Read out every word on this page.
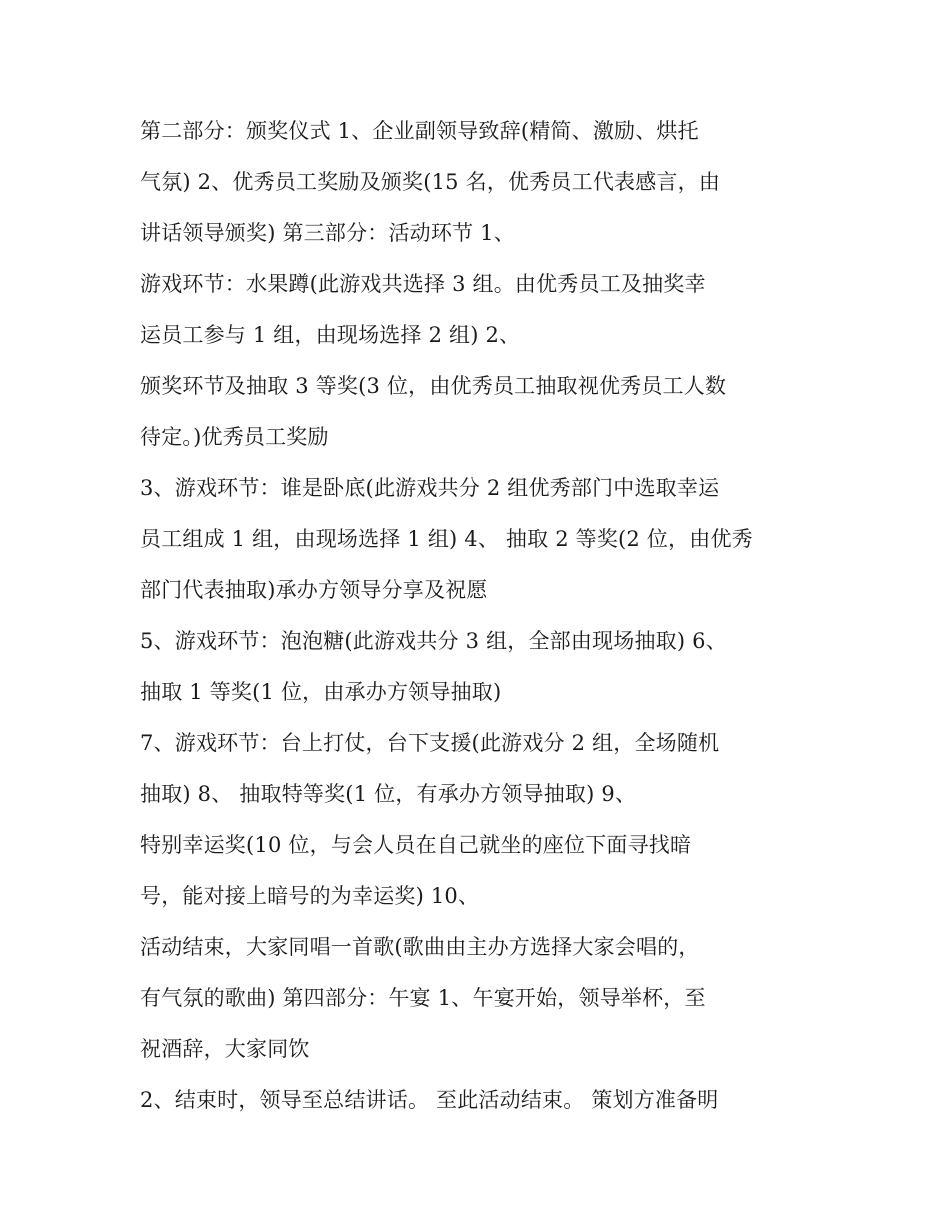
第二部分：颁奖仪式 1、企业副领导致辞(精简、激励、烘托
气氛) 2、优秀员工奖励及颁奖(15 名，优秀员工代表感言，由
讲话领导颁奖) 第三部分：活动环节 1、
游戏环节：水果蹲(此游戏共选择 3 组。由优秀员工及抽奖幸
运员工参与 1 组，由现场选择 2 组) 2、
颁奖环节及抽取 3 等奖(3 位，由优秀员工抽取视优秀员工人数
待定。)优秀员工奖励
3、游戏环节：谁是卧底(此游戏共分 2 组优秀部门中选取幸运
员工组成 1 组，由现场选择 1 组) 4、 抽取 2 等奖(2 位，由优秀
部门代表抽取)承办方领导分享及祝愿
5、游戏环节：泡泡糖(此游戏共分 3 组，全部由现场抽取) 6、
抽取 1 等奖(1 位，由承办方领导抽取)
7、游戏环节：台上打仗，台下支援(此游戏分 2 组，全场随机
抽取) 8、 抽取特等奖(1 位，有承办方领导抽取) 9、
特别幸运奖(10 位，与会人员在自己就坐的座位下面寻找暗
号，能对接上暗号的为幸运奖) 10、
活动结束，大家同唱一首歌(歌曲由主办方选择大家会唱的，
有气氛的歌曲) 第四部分：午宴 1、午宴开始，领导举杯，至
祝酒辞，大家同饮
2、结束时，领导至总结讲话。 至此活动结束。 策划方准备明
